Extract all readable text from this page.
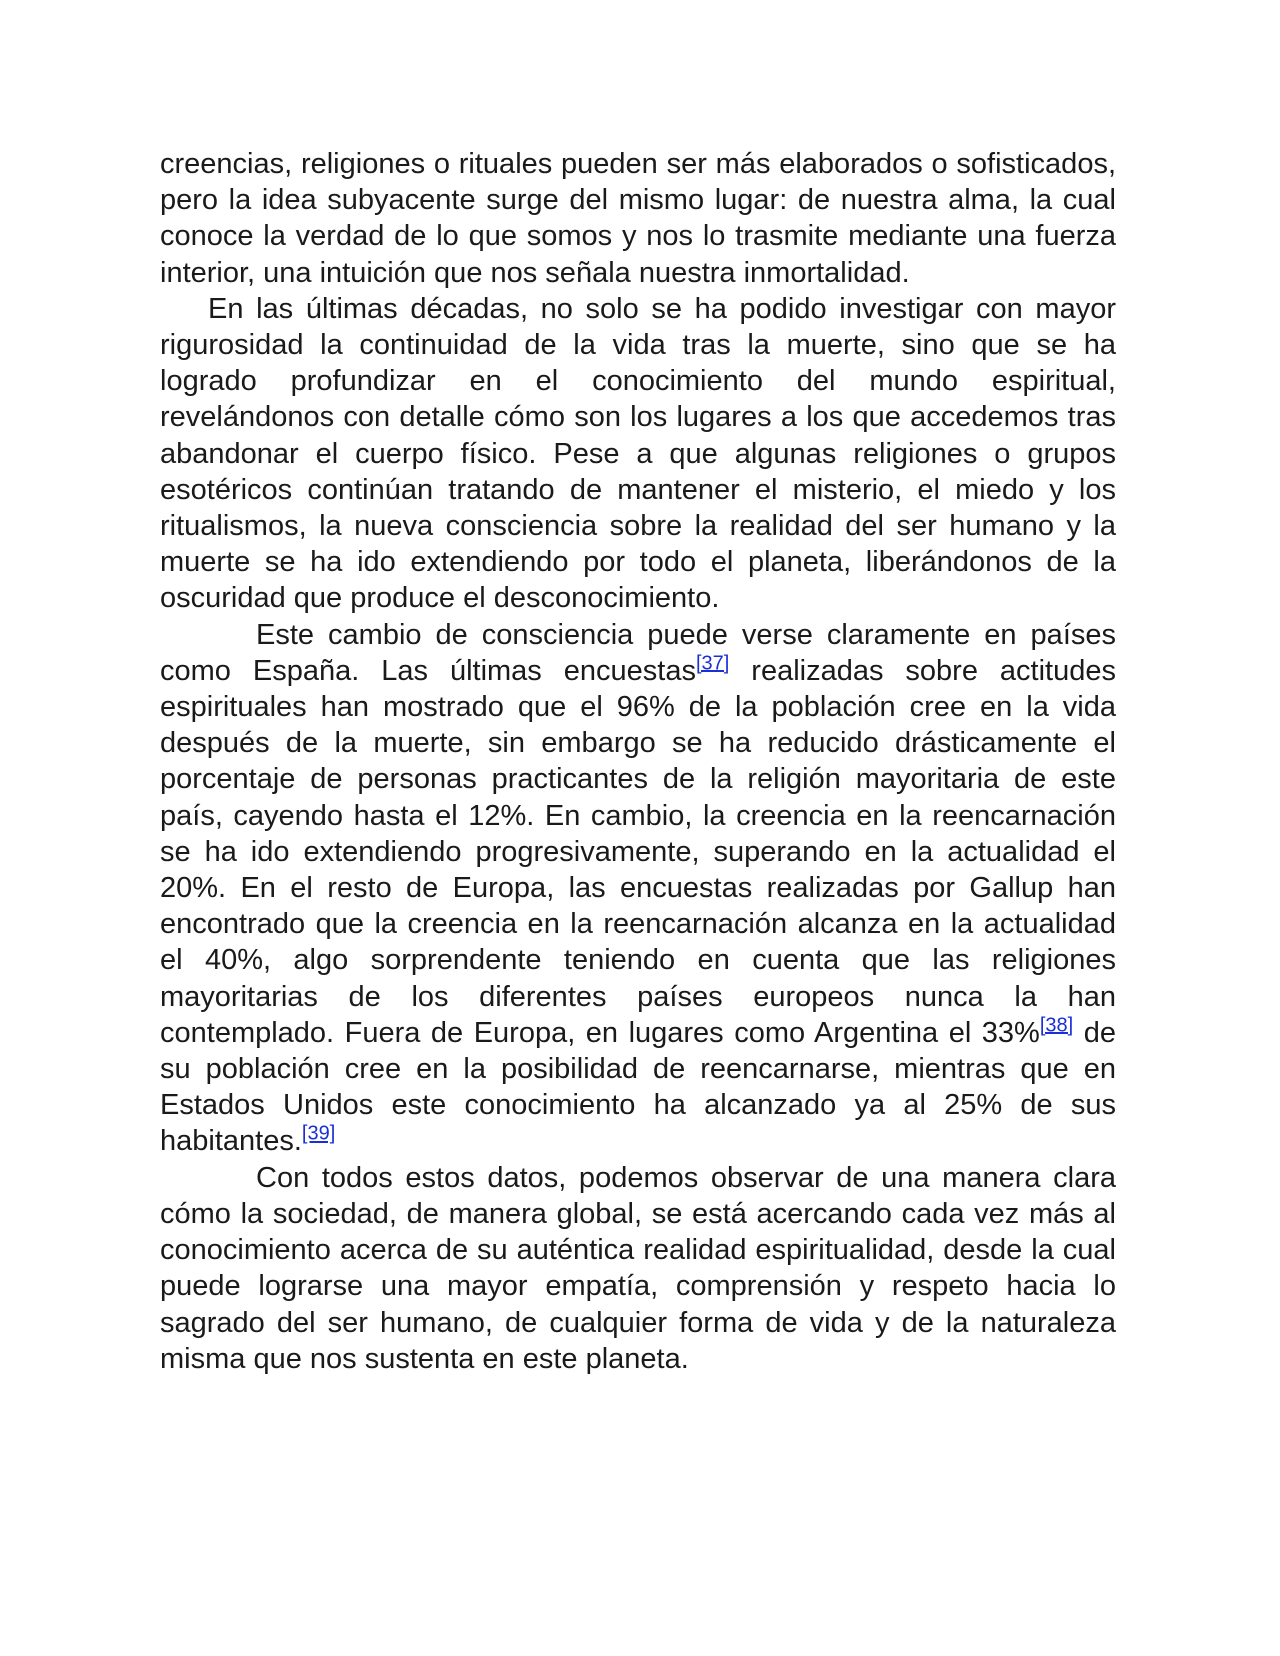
creencias, religiones o rituales pueden ser más elaborados o sofisticados, pero la idea subyacente surge del mismo lugar: de nuestra alma, la cual conoce la verdad de lo que somos y nos lo trasmite mediante una fuerza interior, una intuición que nos señala nuestra inmortalidad.

En las últimas décadas, no solo se ha podido investigar con mayor rigurosidad la continuidad de la vida tras la muerte, sino que se ha logrado profundizar en el conocimiento del mundo espiritual, revelándonos con detalle cómo son los lugares a los que accedemos tras abandonar el cuerpo físico. Pese a que algunas religiones o grupos esotéricos continúan tratando de mantener el misterio, el miedo y los ritualismos, la nueva consciencia sobre la realidad del ser humano y la muerte se ha ido extendiendo por todo el planeta, liberándonos de la oscuridad que produce el desconocimiento.

Este cambio de consciencia puede verse claramente en países como España. Las últimas encuestas[37] realizadas sobre actitudes espirituales han mostrado que el 96% de la población cree en la vida después de la muerte, sin embargo se ha reducido drásticamente el porcentaje de personas practicantes de la religión mayoritaria de este país, cayendo hasta el 12%. En cambio, la creencia en la reencarnación se ha ido extendiendo progresivamente, superando en la actualidad el 20%. En el resto de Europa, las encuestas realizadas por Gallup han encontrado que la creencia en la reencarnación alcanza en la actualidad el 40%, algo sorprendente teniendo en cuenta que las religiones mayoritarias de los diferentes países europeos nunca la han contemplado. Fuera de Europa, en lugares como Argentina el 33%[38] de su población cree en la posibilidad de reencarnarse, mientras que en Estados Unidos este conocimiento ha alcanzado ya al 25% de sus habitantes.[39]

Con todos estos datos, podemos observar de una manera clara cómo la sociedad, de manera global, se está acercando cada vez más al conocimiento acerca de su auténtica realidad espiritualidad, desde la cual puede lograrse una mayor empatía, comprensión y respeto hacia lo sagrado del ser humano, de cualquier forma de vida y de la naturaleza misma que nos sustenta en este planeta.
